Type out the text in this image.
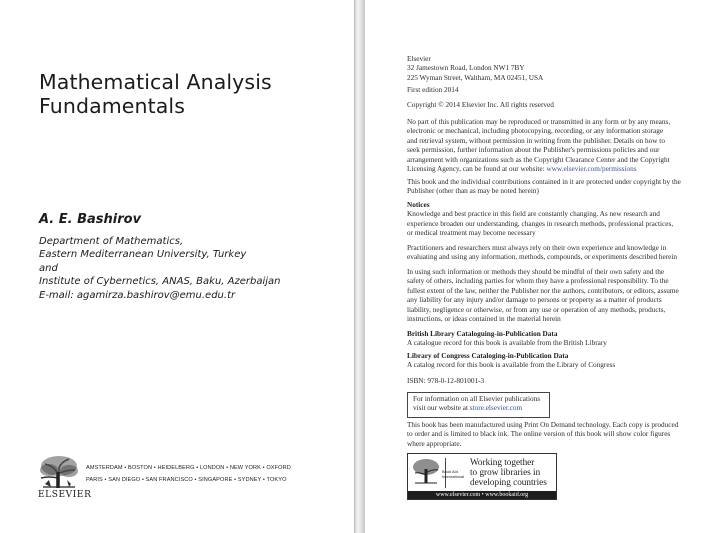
Mathematical Analysis
Fundamentals
A. E. Bashirov
Department of Mathematics,
Eastern Mediterranean University, Turkey
and
Institute of Cybernetics, ANAS, Baku, Azerbaijan
E-mail: agamirza.bashirov@emu.edu.tr
ELSEVIER
AMSTERDAM • BOSTON • HEIDELBERG • LONDON • NEW YORK • OXFORD
PARIS • SAN DIEGO • SAN FRANCISCO • SINGAPORE • SYDNEY • TOKYO
Elsevier
32 Jamestown Road, London NW1 7BY
225 Wyman Street, Waltham, MA 02451, USA
First edition 2014
Copyright © 2014 Elsevier Inc. All rights reserved
No part of this publication may be reproduced or transmitted in any form or by any means,
electronic or mechanical, including photocopying, recording, or any information storage
and retrieval system, without permission in writing from the publisher. Details on how to
seek permission, further information about the Publisher's permissions policies and our
arrangement with organizations such as the Copyright Clearance Center and the Copyright
Licensing Agency, can be found at our website: www.elsevier.com/permissions
This book and the individual contributions contained in it are protected under copyright by the
Publisher (other than as may be noted herein)
Notices
Knowledge and best practice in this field are constantly changing. As new research and
experience broaden our understanding, changes in research methods, professional practices,
or medical treatment may become necessary
Practitioners and researchers must always rely on their own experience and knowledge in
evaluating and using any information, methods, compounds, or experiments described herein
In using such information or methods they should be mindful of their own safety and the
safety of others, including parties for whom they have a professional responsibility. To the
fullest extent of the law, neither the Publisher nor the authors, contributors, or editors, assume
any liability for any injury and/or damage to persons or property as a matter of products
liability, negligence or otherwise, or from any use or operation of any methods, products,
instructions, or ideas contained in the material herein
British Library Cataloguing-in-Publication Data
A catalogue record for this book is available from the British Library
Library of Congress Cataloging-in-Publication Data
A catalog record for this book is available from the Library of Congress
ISBN: 978-0-12-801001-3
For information on all Elsevier publications
visit our website at store.elsevier.com
This book has been manufactured using Print On Demand technology. Each copy is produced
to order and is limited to black ink. The online version of this book will show color figures
where appropriate.
Book Aid
International
Working together
to grow libraries in
developing countries
www.elsevier.com • www.bookaid.org
